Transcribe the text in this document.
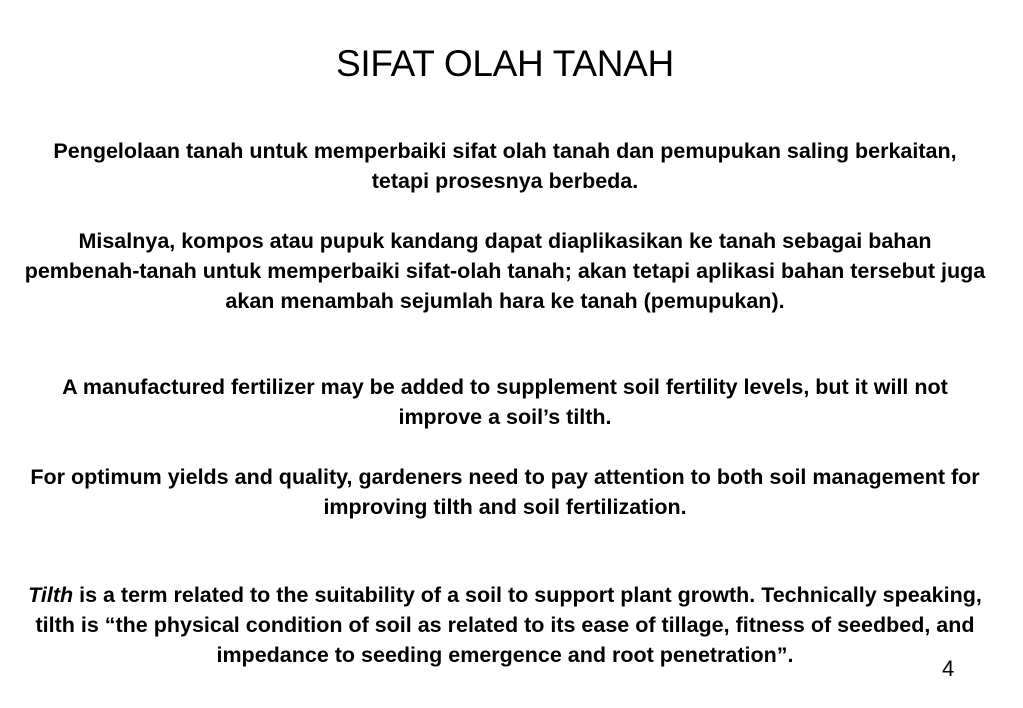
SIFAT OLAH TANAH
Pengelolaan tanah untuk memperbaiki sifat olah tanah dan pemupukan saling berkaitan, tetapi prosesnya berbeda.
Misalnya, kompos atau pupuk kandang dapat diaplikasikan ke tanah sebagai bahan pembenah-tanah untuk memperbaiki sifat-olah tanah; akan tetapi aplikasi bahan tersebut juga akan menambah sejumlah hara ke tanah (pemupukan).
A manufactured fertilizer may be added to supplement soil fertility levels, but it will not improve a soil’s tilth.
For optimum yields and quality, gardeners need to pay attention to both soil management for improving tilth and soil fertilization.
Tilth is a term related to the suitability of a soil to support plant growth. Technically speaking, tilth is “the physical condition of soil as related to its ease of tillage, fitness of seedbed, and impedance to seeding emergence and root penetration”.
4
